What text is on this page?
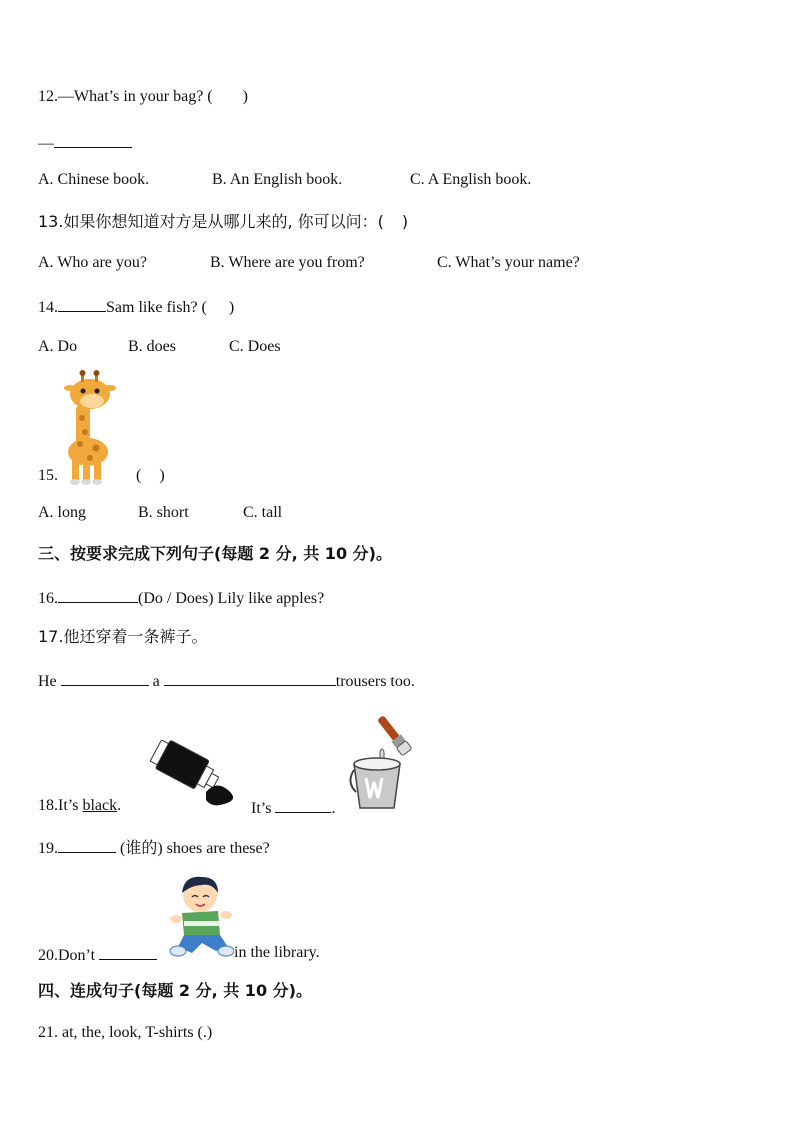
12.—What’s in your bag? ( )
—
A. Chinese book.	B. An English book.	C. A English book.
13.如果你想知道对方是从哪儿来的, 你可以问：( )
A. Who are you?	B. Where are you from?	C. What’s your name?
14.	Sam like fish? ( )
A. Do	B. does	C. Does
15.	( )
A. long	B. short	C. tall
三、按要求完成下列句子(每题 2 分, 共 10 分)。
16.	(Do / Does) Lily like apples?
17.他还穿着一条裤子。
He	a	trousers too.
18.It’s black.	It’s	.
19.	(谁的) shoes are these?
20.Don’t	in the library.
四、连成句子(每题 2 分, 共 10 分)。
21. at, the, look, T-shirts (.)
